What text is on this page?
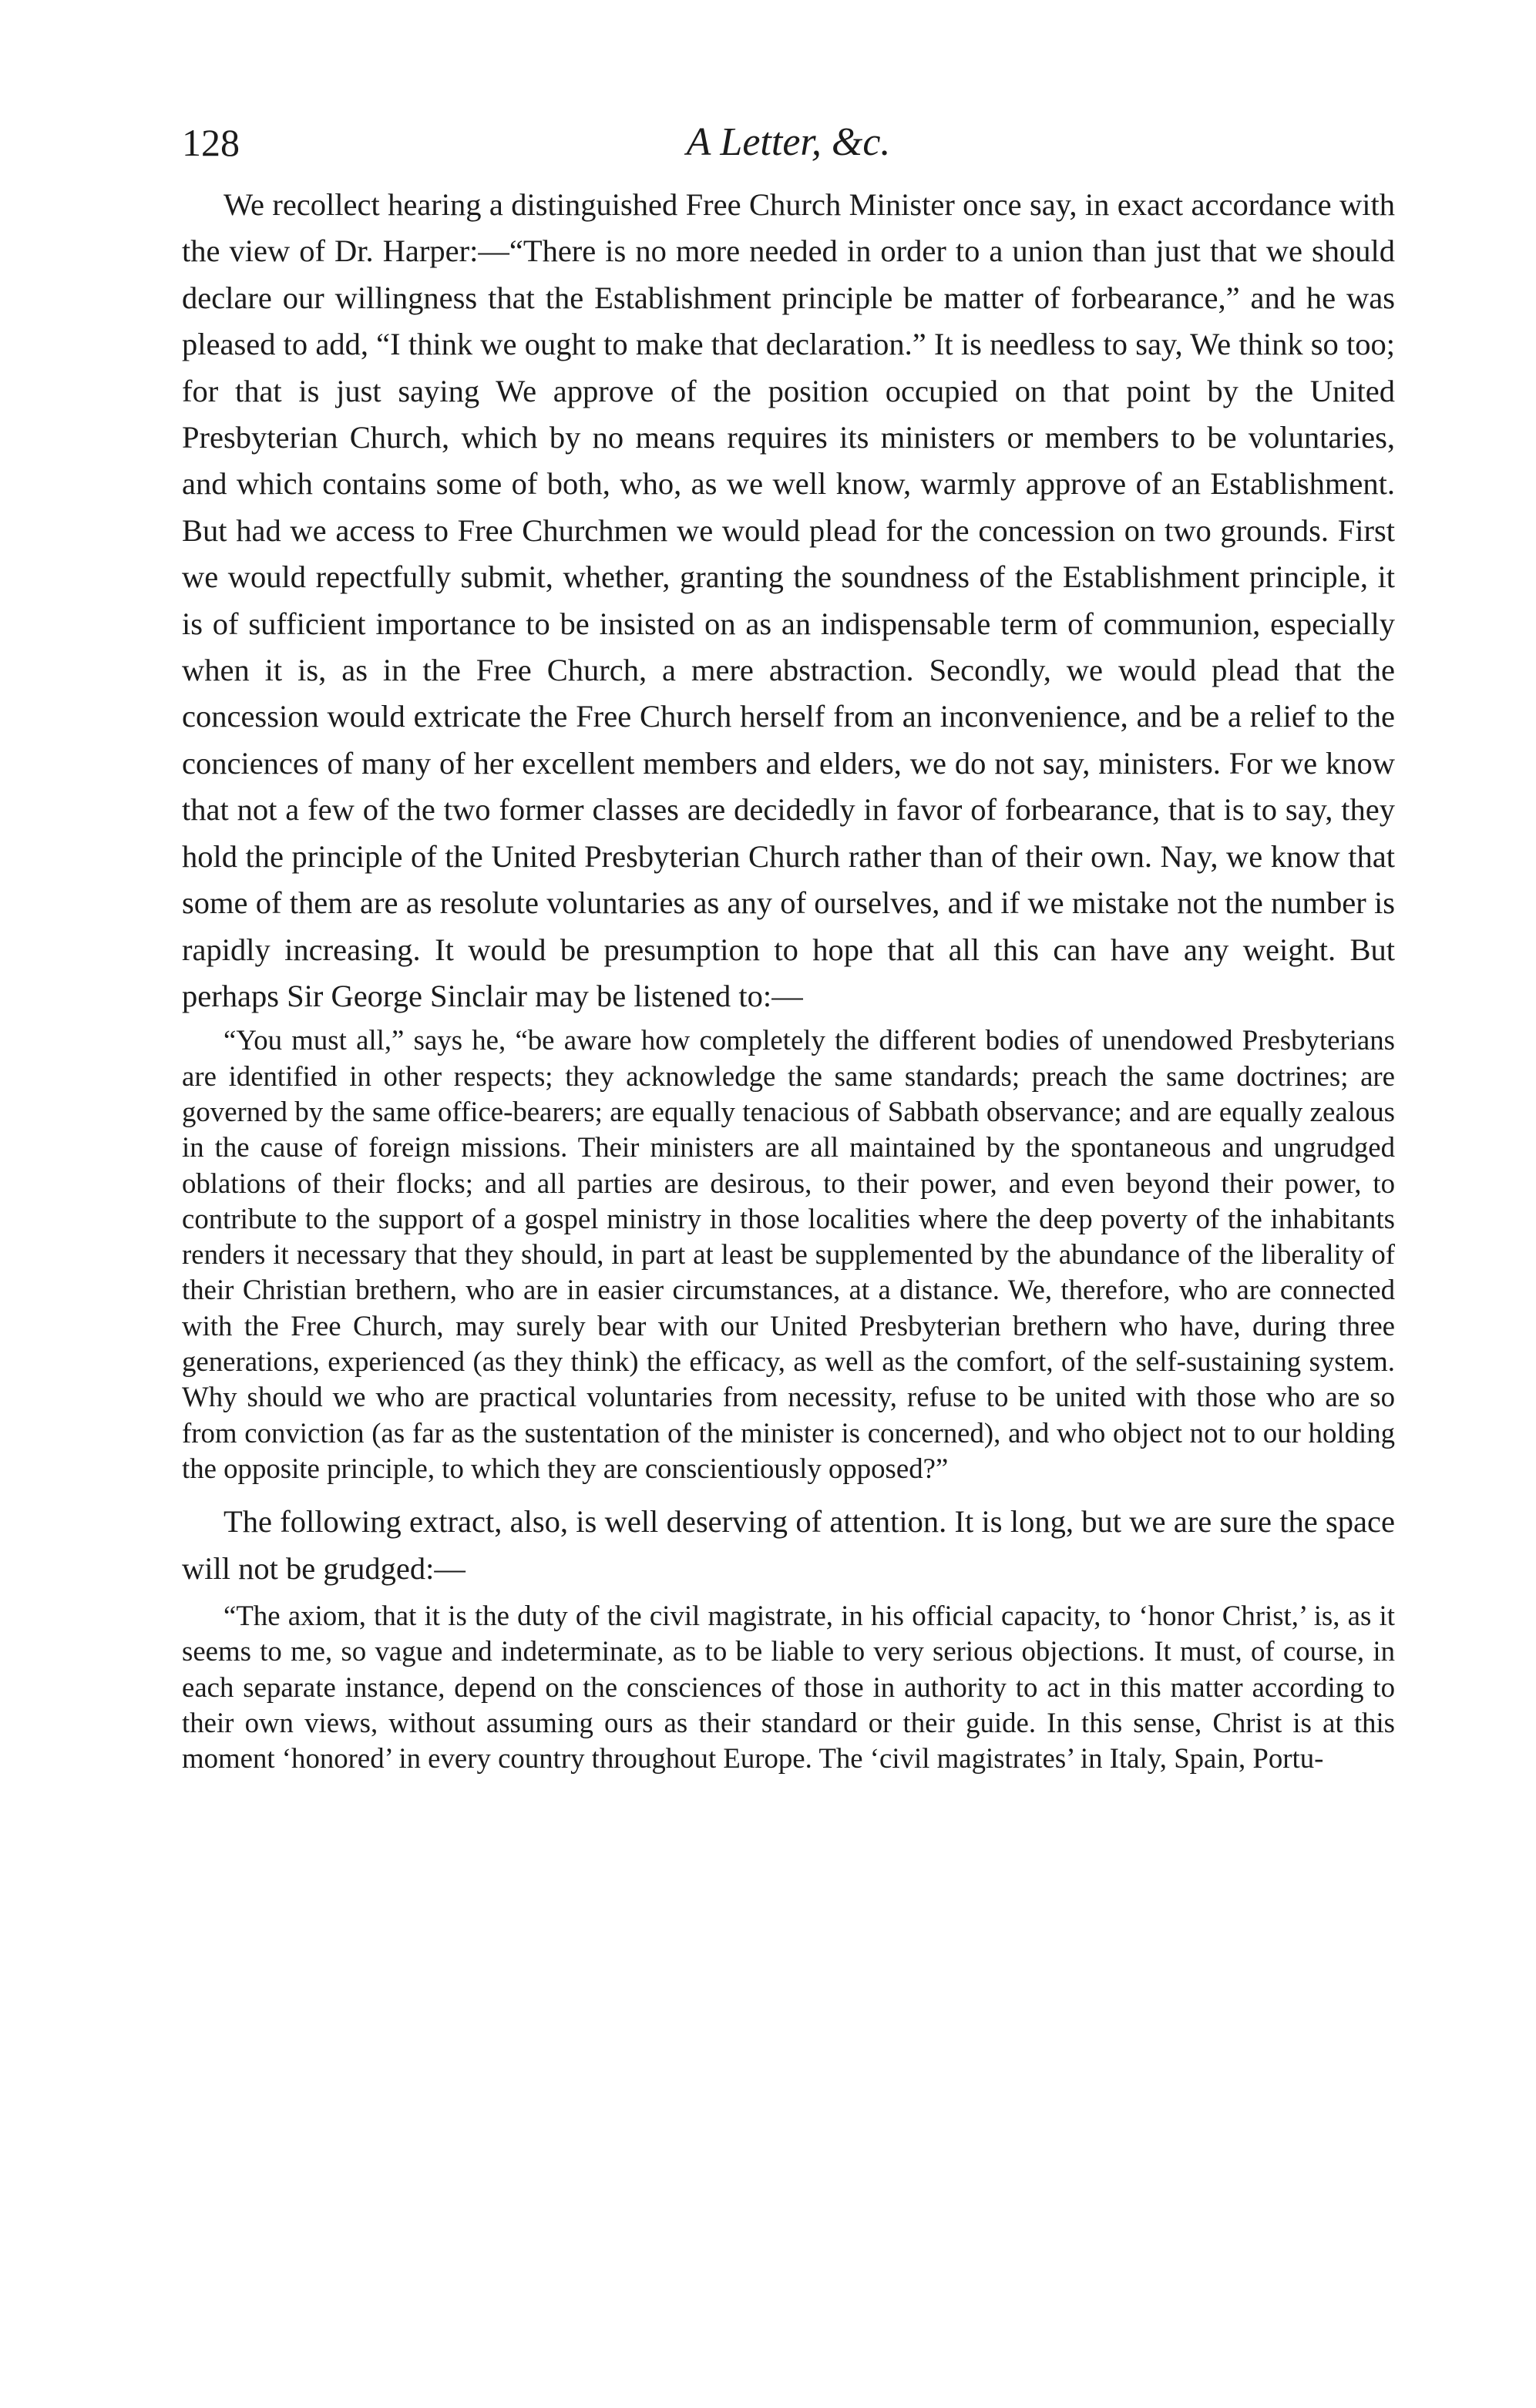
128	A Letter, &c.

We recollect hearing a distinguished Free Church Minister once say, in exact accordance with the view of Dr. Harper:—“There is no more needed in order to a union than just that we should declare our willingness that the Establishment principle be matter of forbearance,” and he was pleased to add, “I think we ought to make that declaration.” It is needless to say, We think so too; for that is just saying We approve of the position occupied on that point by the United Presbyterian Church, which by no means requires its ministers or members to be voluntaries, and which contains some of both, who, as we well know, warmly approve of an Establishment. But had we access to Free Churchmen we would plead for the concession on two grounds. First we would repectfully submit, whether, granting the soundness of the Establishment principle, it is of sufficient importance to be insisted on as an indispensable term of communion, especially when it is, as in the Free Church, a mere abstraction. Secondly, we would plead that the concession would extricate the Free Church herself from an inconvenience, and be a relief to the conciences of many of her excellent members and elders, we do not say, ministers. For we know that not a few of the two former classes are decidedly in favor of forbearance, that is to say, they hold the principle of the United Presbyterian Church rather than of their own. Nay, we know that some of them are as resolute voluntaries as any of ourselves, and if we mistake not the number is rapidly increasing. It would be presumption to hope that all this can have any weight. But perhaps Sir George Sinclair may be listened to:—

“You must all,” says he, “be aware how completely the different bodies of unendowed Presbyterians are identified in other respects; they acknowledge the same standards; preach the same doctrines; are governed by the same office-bearers; are equally tenacious of Sabbath observance; and are equally zealous in the cause of foreign missions. Their ministers are all maintained by the spontaneous and ungrudged oblations of their flocks; and all parties are desirous, to their power, and even beyond their power, to contribute to the support of a gospel ministry in those localities where the deep poverty of the inhabitants renders it necessary that they should, in part at least be supplemented by the abundance of the liberality of their Christian brethern, who are in easier circumstances, at a distance. We, therefore, who are connected with the Free Church, may surely bear with our United Presbyterian brethern who have, during three generations, experienced (as they think) the efficacy, as well as the comfort, of the self-sustaining system. Why should we who are practical voluntaries from necessity, refuse to be united with those who are so from conviction (as far as the sustentation of the minister is concerned), and who object not to our holding the opposite principle, to which they are conscientiously opposed?”

The following extract, also, is well deserving of attention. It is long, but we are sure the space will not be grudged:—

“The axiom, that it is the duty of the civil magistrate, in his official capacity, to ‘honor Christ,’ is, as it seems to me, so vague and indeterminate, as to be liable to very serious objections. It must, of course, in each separate instance, depend on the consciences of those in authority to act in this matter according to their own views, without assuming ours as their standard or their guide. In this sense, Christ is at this moment ‘honored’ in every country throughout Europe. The ‘civil magistrates’ in Italy, Spain, Portu-
